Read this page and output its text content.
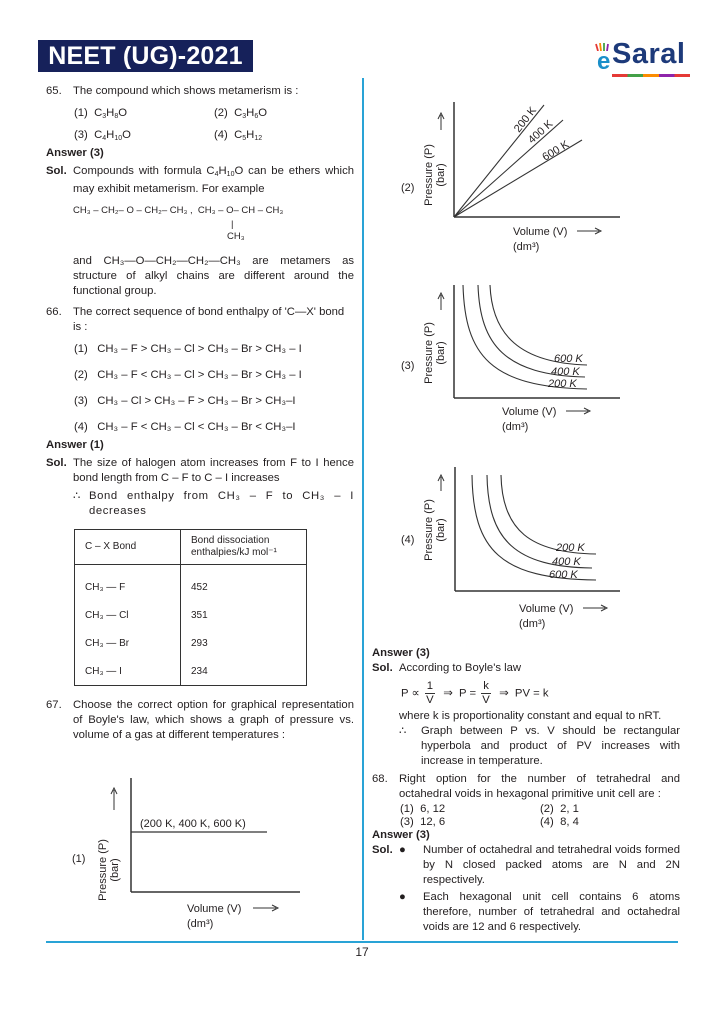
NEET (UG)-2021	e Saral
65. The compound which shows metamerism is :
(1) $C_3H_8O$	(2) $C_3H_6O$
(3) $C_4H_{10}O$	(4) $C_5H_{12}$
Answer (3)
Sol. Compounds with formula $C_4H_{10}O$ can be ethers which may exhibit metamerism. For example
CH₃ – CH₂– O – CH₂– CH₃ ,  CH₃ – O– CH – CH₃
|
CH₃
and CH₃—O—CH₂—CH₂—CH₃ are metamers as structure of alkyl chains are different around the functional group.
66. The correct sequence of bond enthalpy of 'C—X' bond is :
(1) CH₃ – F > CH₃ – Cl > CH₃ – Br > CH₃ – I
(2) CH₃ – F < CH₃ – Cl > CH₃ – Br > CH₃ – I
(3) CH₃ – Cl > CH₃ – F > CH₃ – Br > CH₃–I
(4) CH₃ – F < CH₃ – Cl < CH₃ – Br < CH₃–I
Answer (1)
Sol. The size of halogen atom increases from F to I hence bond length from C – F to C – I increases
∴ Bond enthalpy from CH₃ – F to CH₃ – I decreases
C – X Bond	Bond dissociation enthalpies/kJ mol⁻¹
CH₃ — F	452
CH₃ — Cl	351
CH₃ — Br	293
CH₃ — I	234
67. Choose the correct option for graphical representation of Boyle's law, which shows a graph of pressure vs. volume of a gas at different temperatures :
(1) Pressure (P) (bar)
(200 K, 400 K, 600 K)
Volume (V)
(dm³)
(2) Pressure (P) (bar)
200 K
400 K
600 K
Volume (V)
(dm³)
(3) Pressure (P) (bar)	600 K
400 K
200 K
Volume (V)
(dm³)
(4) Pressure (P) (bar)
200 K
400 K
600 K
Volume (V)
(dm³)
Answer (3)
Sol. According to Boyle's law
$P \propto \frac{1}{V}$ ⇒ $P = \frac{k}{V}$ ⇒ PV = k
where k is proportionality constant and equal to nRT.
∴	Graph between P vs. V should be rectangular hyperbola and product of PV increases with increase in temperature.
68. Right option for the number of tetrahedral and octahedral voids in hexagonal primitive unit cell are :
(1) 6, 12	(2) 2, 1
(3) 12, 6	(4) 8, 4
Answer (3)
Sol. ●	Number of octahedral and tetrahedral voids formed by N closed packed atoms are N and 2N respectively.
●	Each hexagonal unit cell contains 6 atoms therefore, number of tetrahedral and octahedral voids are 12 and 6 respectively.
17
